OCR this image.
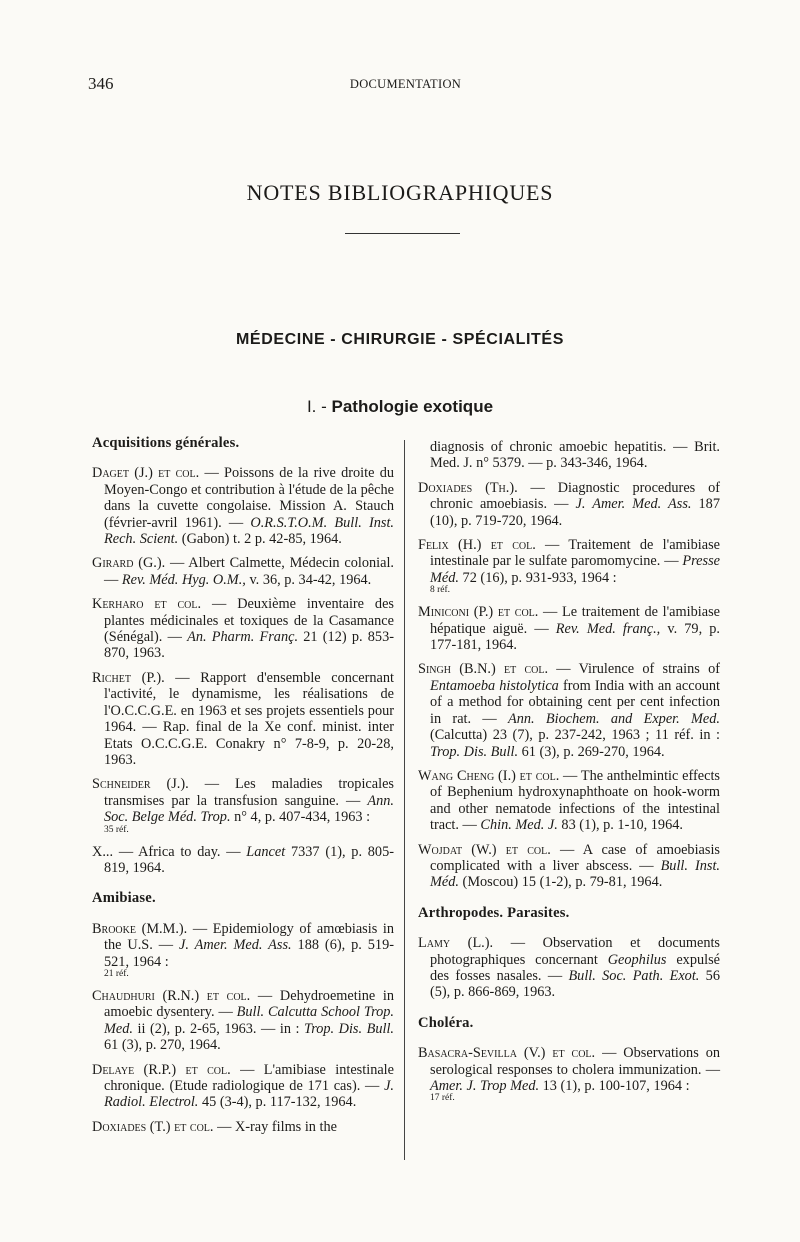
346	DOCUMENTATION
NOTES BIBLIOGRAPHIQUES
MÉDECINE - CHIRURGIE - SPÉCIALITÉS
I. - Pathologie exotique
Acquisitions générales.
Daget (J.) et col. — Poissons de la rive droite du Moyen-Congo et contribution à l'étude de la pêche dans la cuvette congolaise. Mission A. Stauch (février-avril 1961). — O.R.S.T.O.M. Bull. Inst. Rech. Scient. (Gabon) t. 2 p. 42-85, 1964.
Girard (G.). — Albert Calmette, Médecin colonial. — Rev. Méd. Hyg. O.M., v. 36, p. 34-42, 1964.
Kerharo et col. — Deuxième inventaire des plantes médicinales et toxiques de la Casamance (Sénégal). — An. Pharm. Franç. 21 (12) p. 853-870, 1963.
Richet (P.). — Rapport d'ensemble concernant l'activité, le dynamisme, les réalisations de l'O.C.C.G.E. en 1963 et ses projets essentiels pour 1964. — Rap. final de la Xe conf. minist. inter Etats O.C.C.G.E. Conakry n° 7-8-9, p. 20-28, 1963.
Schneider (J.). — Les maladies tropicales transmises par la transfusion sanguine. — Ann. Soc. Belge Méd. Trop. n° 4, p. 407-434, 1963 :
35 réf.
X... — Africa to day. — Lancet 7337 (1), p. 805-819, 1964.
Amibiase.
Brooke (M.M.). — Epidemiology of amœbiasis in the U.S. — J. Amer. Med. Ass. 188 (6), p. 519-521, 1964 :
21 réf.
Chaudhuri (R.N.) et col. — Dehydroemetine in amoebic dysentery. — Bull. Calcutta School Trop. Med. ii (2), p. 2-65, 1963. — in : Trop. Dis. Bull. 61 (3), p. 270, 1964.
Delaye (R.P.) et col. — L'amibiase intestinale chronique. (Etude radiologique de 171 cas). — J. Radiol. Electrol. 45 (3-4), p. 117-132, 1964.
Doxiades (T.) et col. — X-ray films in the
diagnosis of chronic amoebic hepatitis. — Brit. Med. J. n° 5379. — p. 343-346, 1964.
Doxiades (Th.). — Diagnostic procedures of chronic amoebiasis. — J. Amer. Med. Ass. 187 (10), p. 719-720, 1964.
Felix (H.) et col. — Traitement de l'amibiase intestinale par le sulfate paromomycine. — Presse Méd. 72 (16), p. 931-933, 1964 :
8 réf.
Miniconi (P.) et col. — Le traitement de l'amibiase hépatique aiguë. — Rev. Med. franç., v. 79, p. 177-181, 1964.
Singh (B.N.) et col. — Virulence of strains of Entamoeba histolytica from India with an account of a method for obtaining cent per cent infection in rat. — Ann. Biochem. and Exper. Med. (Calcutta) 23 (7), p. 237-242, 1963 ; 11 réf. in : Trop. Dis. Bull. 61 (3), p. 269-270, 1964.
Wang Cheng (I.) et col. — The anthelmintic effects of Bephenium hydroxynaphthoate on hook-worm and other nematode infections of the intestinal tract. — Chin. Med. J. 83 (1), p. 1-10, 1964.
Wojdat (W.) et col. — A case of amoebiasis complicated with a liver abscess. — Bull. Inst. Méd. (Moscou) 15 (1-2), p. 79-81, 1964.
Arthropodes. Parasites.
Lamy (L.). — Observation et documents photographiques concernant Geophilus expulsé des fosses nasales. — Bull. Soc. Path. Exot. 56 (5), p. 866-869, 1963.
Choléra.
Basacra-Sevilla (V.) et col. — Observations on serological responses to cholera immunization. — Amer. J. Trop Med. 13 (1), p. 100-107, 1964 :
17 réf.
